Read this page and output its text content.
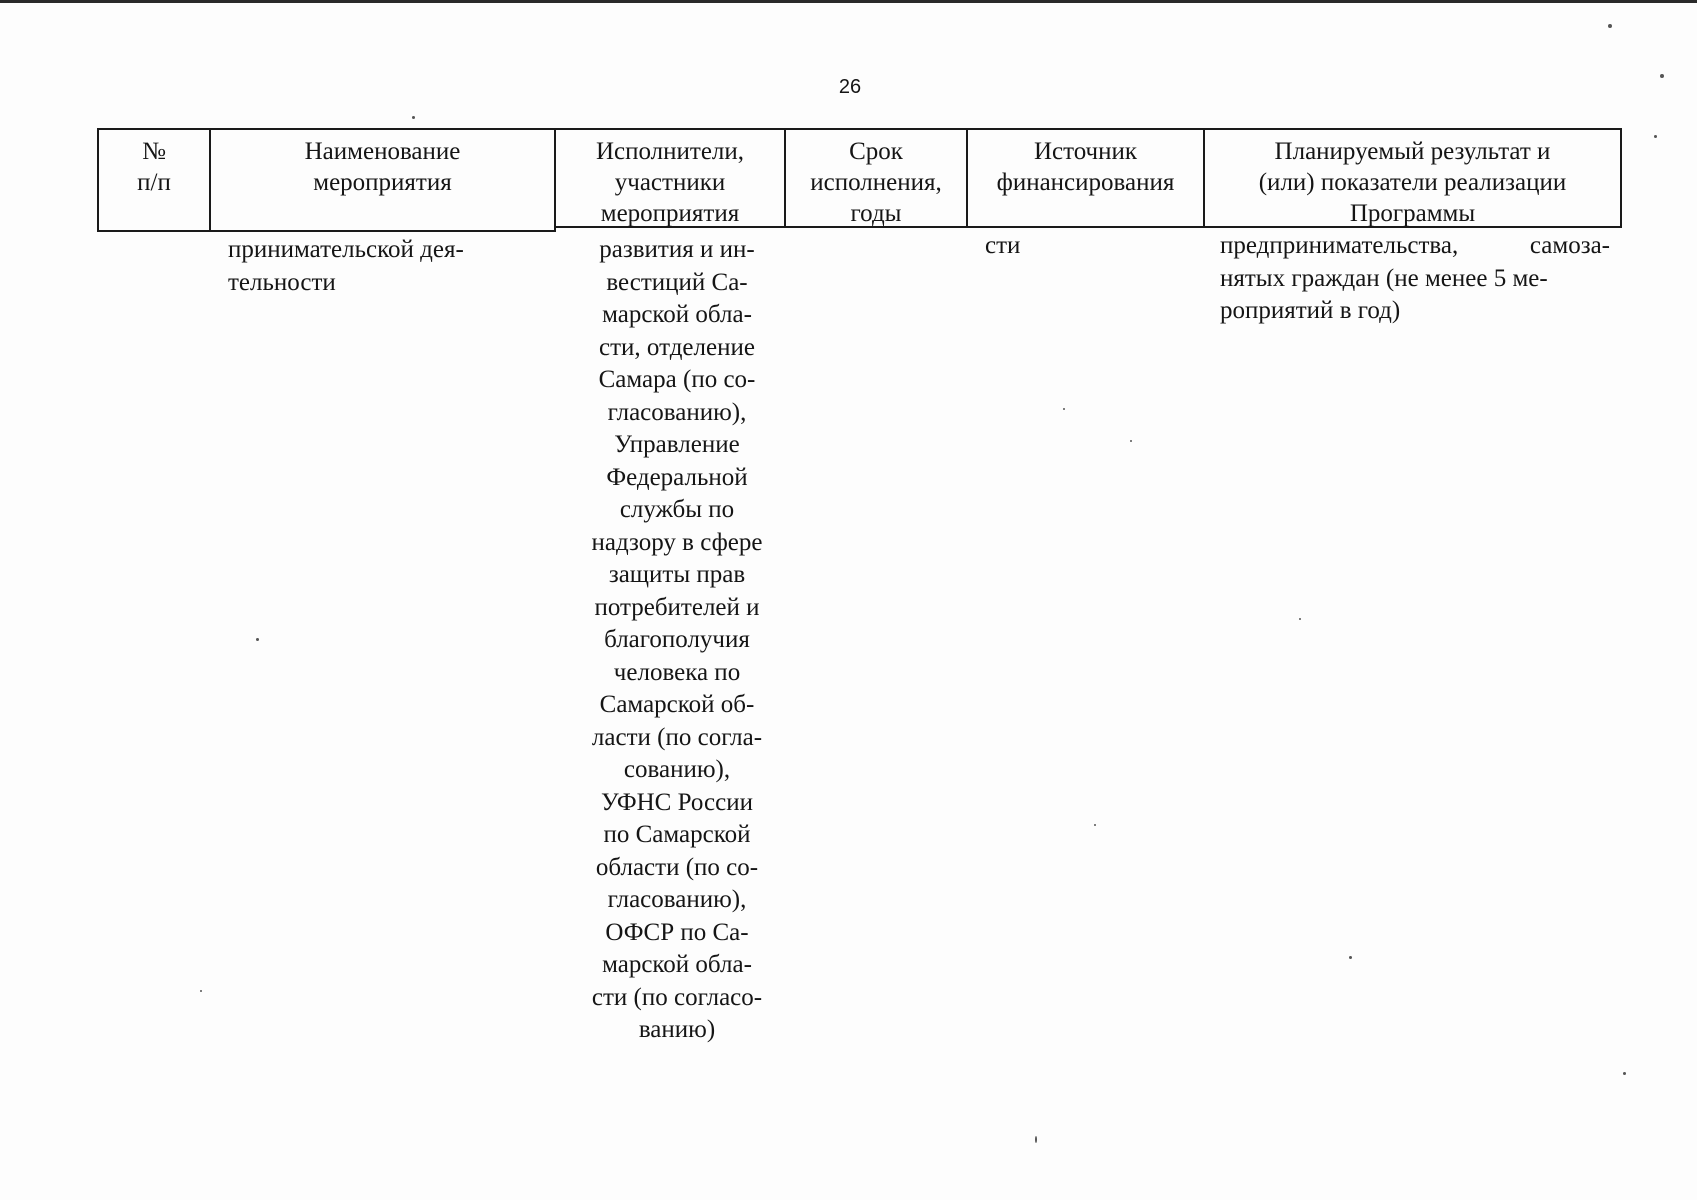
26
№
п/п
Наименование
мероприятия
Исполнители,
участники
мероприятия
Срок
исполнения,
годы
Источник
финансирования
Планируемый результат и
(или) показатели реализации
Программы
принимательской дея-
тельности
развития и ин-
вестиций Са-
марской обла-
сти, отделение
Самара (по со-
гласованию),
Управление
Федеральной
службы по
надзору в сфере
защиты прав
потребителей и
благополучия
человека по
Самарской об-
ласти (по согла-
сованию),
УФНС России
по Самарской
области (по со-
гласованию),
ОФСР по Са-
марской обла-
сти (по согласо-
ванию)
сти	предпринимательства,	самоза-
нятых граждан (не менее 5 ме-
роприятий в год)
